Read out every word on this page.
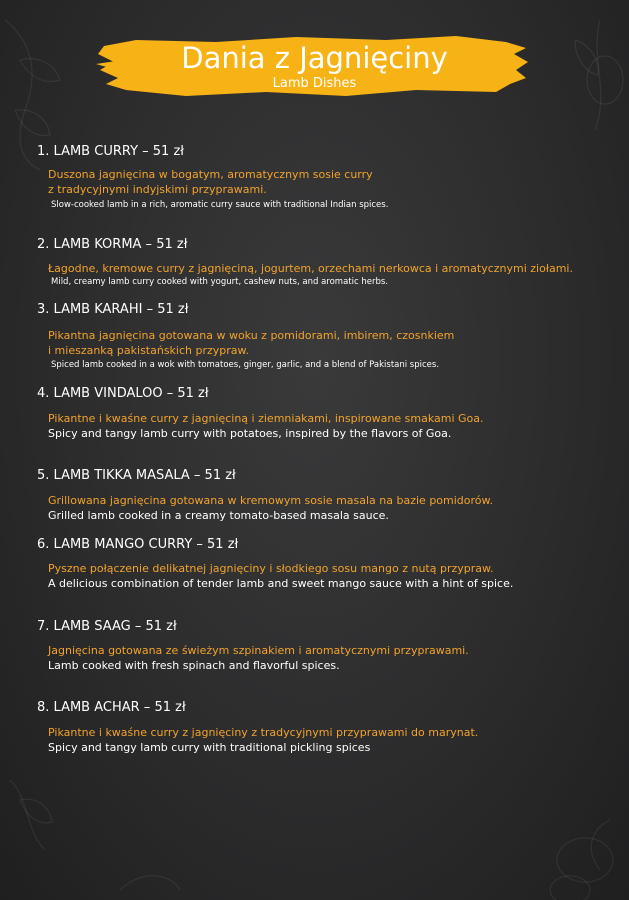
Dania z Jagnięciny
Lamb Dishes
1. LAMB CURRY – 51 zł
Duszona jagnięcina w bogatym, aromatycznym sosie curry
z tradycyjnymi indyjskimi przyprawami.
Slow-cooked lamb in a rich, aromatic curry sauce with traditional Indian spices.
2. LAMB KORMA – 51 zł
Łagodne, kremowe curry z jagnięciną, jogurtem, orzechami nerkowca i aromatycznymi ziołami.
Mild, creamy lamb curry cooked with yogurt, cashew nuts, and aromatic herbs.
3. LAMB KARAHI – 51 zł
Pikantna jagnięcina gotowana w woku z pomidorami, imbirem, czosnkiem
i mieszanką pakistańskich przypraw.
Spiced lamb cooked in a wok with tomatoes, ginger, garlic, and a blend of Pakistani spices.
4. LAMB VINDALOO – 51 zł
Pikantne i kwaśne curry z jagnięciną i ziemniakami, inspirowane smakami Goa.
Spicy and tangy lamb curry with potatoes, inspired by the flavors of Goa.
5. LAMB TIKKA MASALA – 51 zł
Grillowana jagnięcina gotowana w kremowym sosie masala na bazie pomidorów.
Grilled lamb cooked in a creamy tomato-based masala sauce.
6. LAMB MANGO CURRY – 51 zł
Pyszne połączenie delikatnej jagnięciny i słodkiego sosu mango z nutą przypraw.
A delicious combination of tender lamb and sweet mango sauce with a hint of spice.
7. LAMB SAAG – 51 zł
Jagnięcina gotowana ze świeżym szpinakiem i aromatycznymi przyprawami.
Lamb cooked with fresh spinach and flavorful spices.
8. LAMB ACHAR – 51 zł
Pikantne i kwaśne curry z jagnięciny z tradycyjnymi przyprawami do marynat.
Spicy and tangy lamb curry with traditional pickling spices
